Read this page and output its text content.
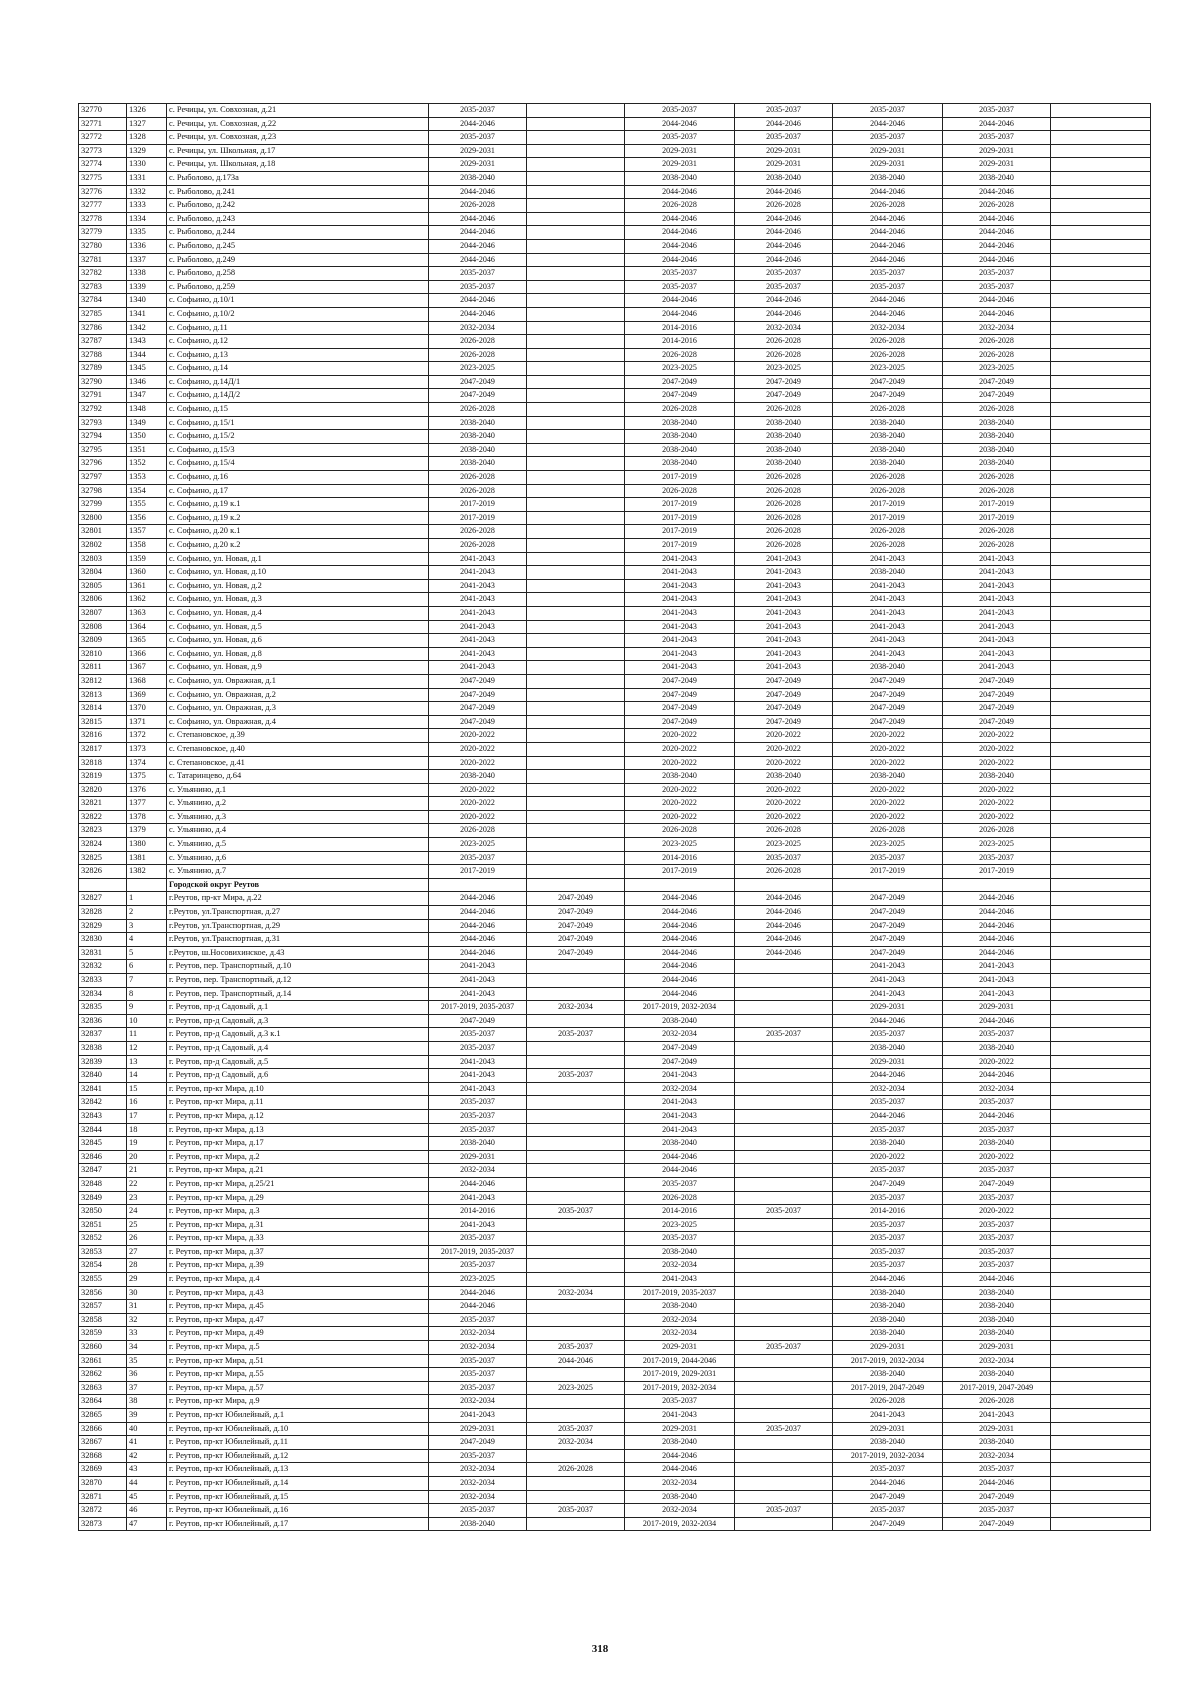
32770	1326	с. Речицы, ул. Совхозная, д.21	2035-2037		2035-2037	2035-2037	2035-2037	2035-2037	
32771	1327	с. Речицы, ул. Совхозная, д.22	2044-2046		2044-2046	2044-2046	2044-2046	2044-2046	
32772	1328	с. Речицы, ул. Совхозная, д.23	2035-2037		2035-2037	2035-2037	2035-2037	2035-2037	
32773	1329	с. Речицы, ул. Школьная, д.17	2029-2031		2029-2031	2029-2031	2029-2031	2029-2031	
32774	1330	с. Речицы, ул. Школьная, д.18	2029-2031		2029-2031	2029-2031	2029-2031	2029-2031	
32775	1331	с. Рыболово, д.173а	2038-2040		2038-2040	2038-2040	2038-2040	2038-2040	
32776	1332	с. Рыболово, д.241	2044-2046		2044-2046	2044-2046	2044-2046	2044-2046	
32777	1333	с. Рыболово, д.242	2026-2028		2026-2028	2026-2028	2026-2028	2026-2028	
32778	1334	с. Рыболово, д.243	2044-2046		2044-2046	2044-2046	2044-2046	2044-2046	
32779	1335	с. Рыболово, д.244	2044-2046		2044-2046	2044-2046	2044-2046	2044-2046	
32780	1336	с. Рыболово, д.245	2044-2046		2044-2046	2044-2046	2044-2046	2044-2046	
32781	1337	с. Рыболово, д.249	2044-2046		2044-2046	2044-2046	2044-2046	2044-2046	
32782	1338	с. Рыболово, д.258	2035-2037		2035-2037	2035-2037	2035-2037	2035-2037	
32783	1339	с. Рыболово, д.259	2035-2037		2035-2037	2035-2037	2035-2037	2035-2037	
32784	1340	с. Софьино, д.10/1	2044-2046		2044-2046	2044-2046	2044-2046	2044-2046	
32785	1341	с. Софьино, д.10/2	2044-2046		2044-2046	2044-2046	2044-2046	2044-2046	
32786	1342	с. Софьино, д.11	2032-2034		2014-2016	2032-2034	2032-2034	2032-2034	
32787	1343	с. Софьино, д.12	2026-2028		2014-2016	2026-2028	2026-2028	2026-2028	
32788	1344	с. Софьино, д.13	2026-2028		2026-2028	2026-2028	2026-2028	2026-2028	
32789	1345	с. Софьино, д.14	2023-2025		2023-2025	2023-2025	2023-2025	2023-2025	
32790	1346	с. Софьино, д.14Д/1	2047-2049		2047-2049	2047-2049	2047-2049	2047-2049	
32791	1347	с. Софьино, д.14Д/2	2047-2049		2047-2049	2047-2049	2047-2049	2047-2049	
32792	1348	с. Софьино, д.15	2026-2028		2026-2028	2026-2028	2026-2028	2026-2028	
32793	1349	с. Софьино, д.15/1	2038-2040		2038-2040	2038-2040	2038-2040	2038-2040	
32794	1350	с. Софьино, д.15/2	2038-2040		2038-2040	2038-2040	2038-2040	2038-2040	
32795	1351	с. Софьино, д.15/3	2038-2040		2038-2040	2038-2040	2038-2040	2038-2040	
32796	1352	с. Софьино, д.15/4	2038-2040		2038-2040	2038-2040	2038-2040	2038-2040	
32797	1353	с. Софьино, д.16	2026-2028		2017-2019	2026-2028	2026-2028	2026-2028	
32798	1354	с. Софьино, д.17	2026-2028		2026-2028	2026-2028	2026-2028	2026-2028	
32799	1355	с. Софьино, д.19 к.1	2017-2019		2017-2019	2026-2028	2017-2019	2017-2019	
32800	1356	с. Софьино, д.19 к.2	2017-2019		2017-2019	2026-2028	2017-2019	2017-2019	
32801	1357	с. Софьино, д.20 к.1	2026-2028		2017-2019	2026-2028	2026-2028	2026-2028	
32802	1358	с. Софьино, д.20 к.2	2026-2028		2017-2019	2026-2028	2026-2028	2026-2028	
32803	1359	с. Софьино, ул. Новая, д.1	2041-2043		2041-2043	2041-2043	2041-2043	2041-2043	
32804	1360	с. Софьино, ул. Новая, д.10	2041-2043		2041-2043	2041-2043	2038-2040	2041-2043	
32805	1361	с. Софьино, ул. Новая, д.2	2041-2043		2041-2043	2041-2043	2041-2043	2041-2043	
32806	1362	с. Софьино, ул. Новая, д.3	2041-2043		2041-2043	2041-2043	2041-2043	2041-2043	
32807	1363	с. Софьино, ул. Новая, д.4	2041-2043		2041-2043	2041-2043	2041-2043	2041-2043	
32808	1364	с. Софьино, ул. Новая, д.5	2041-2043		2041-2043	2041-2043	2041-2043	2041-2043	
32809	1365	с. Софьино, ул. Новая, д.6	2041-2043		2041-2043	2041-2043	2041-2043	2041-2043	
32810	1366	с. Софьино, ул. Новая, д.8	2041-2043		2041-2043	2041-2043	2041-2043	2041-2043	
32811	1367	с. Софьино, ул. Новая, д.9	2041-2043		2041-2043	2041-2043	2038-2040	2041-2043	
32812	1368	с. Софьино, ул. Овражная, д.1	2047-2049		2047-2049	2047-2049	2047-2049	2047-2049	
32813	1369	с. Софьино, ул. Овражная, д.2	2047-2049		2047-2049	2047-2049	2047-2049	2047-2049	
32814	1370	с. Софьино, ул. Овражная, д.3	2047-2049		2047-2049	2047-2049	2047-2049	2047-2049	
32815	1371	с. Софьино, ул. Овражная, д.4	2047-2049		2047-2049	2047-2049	2047-2049	2047-2049	
32816	1372	с. Степановское, д.39	2020-2022		2020-2022	2020-2022	2020-2022	2020-2022	
32817	1373	с. Степановское, д.40	2020-2022		2020-2022	2020-2022	2020-2022	2020-2022	
32818	1374	с. Степановское, д.41	2020-2022		2020-2022	2020-2022	2020-2022	2020-2022	
32819	1375	с. Татаринцево, д.64	2038-2040		2038-2040	2038-2040	2038-2040	2038-2040	
32820	1376	с. Ульянино, д.1	2020-2022		2020-2022	2020-2022	2020-2022	2020-2022	
32821	1377	с. Ульянино, д.2	2020-2022		2020-2022	2020-2022	2020-2022	2020-2022	
32822	1378	с. Ульянино, д.3	2020-2022		2020-2022	2020-2022	2020-2022	2020-2022	
32823	1379	с. Ульянино, д.4	2026-2028		2026-2028	2026-2028	2026-2028	2026-2028	
32824	1380	с. Ульянино, д.5	2023-2025		2023-2025	2023-2025	2023-2025	2023-2025	
32825	1381	с. Ульянино, д.6	2035-2037		2014-2016	2035-2037	2035-2037	2035-2037	
32826	1382	с. Ульянино, д.7	2017-2019		2017-2019	2026-2028	2017-2019	2017-2019	
		Городской округ Реутов							
32827	1	г.Реутов, пр-кт Мира, д.22	2044-2046	2047-2049	2044-2046	2044-2046	2047-2049	2044-2046	
32828	2	г.Реутов, ул.Транспортная, д.27	2044-2046	2047-2049	2044-2046	2044-2046	2047-2049	2044-2046	
32829	3	г.Реутов, ул.Транспортная, д.29	2044-2046	2047-2049	2044-2046	2044-2046	2047-2049	2044-2046	
32830	4	г.Реутов, ул.Транспортная, д.31	2044-2046	2047-2049	2044-2046	2044-2046	2047-2049	2044-2046	
32831	5	г.Реутов, ш.Носовихинское, д.43	2044-2046	2047-2049	2044-2046	2044-2046	2047-2049	2044-2046	
32832	6	г. Реутов, пер. Транспортный, д.10	2041-2043		2044-2046		2041-2043	2041-2043	
32833	7	г. Реутов, пер. Транспортный, д.12	2041-2043		2044-2046		2041-2043	2041-2043	
32834	8	г. Реутов, пер. Транспортный, д.14	2041-2043		2044-2046		2041-2043	2041-2043	
32835	9	г. Реутов, пр-д Садовый, д.1	2017-2019, 2035-2037	2032-2034	2017-2019, 2032-2034		2029-2031	2029-2031	
32836	10	г. Реутов, пр-д Садовый, д.3	2047-2049		2038-2040		2044-2046	2044-2046	
32837	11	г. Реутов, пр-д Садовый, д.3 к.1	2035-2037	2035-2037	2032-2034	2035-2037	2035-2037	2035-2037	
32838	12	г. Реутов, пр-д Садовый, д.4	2035-2037		2047-2049		2038-2040	2038-2040	
32839	13	г. Реутов, пр-д Садовый, д.5	2041-2043		2047-2049		2029-2031	2020-2022	
32840	14	г. Реутов, пр-д Садовый, д.6	2041-2043	2035-2037	2041-2043		2044-2046	2044-2046	
32841	15	г. Реутов, пр-кт Мира, д.10	2041-2043		2032-2034		2032-2034	2032-2034	
32842	16	г. Реутов, пр-кт Мира, д.11	2035-2037		2041-2043		2035-2037	2035-2037	
32843	17	г. Реутов, пр-кт Мира, д.12	2035-2037		2041-2043		2044-2046	2044-2046	
32844	18	г. Реутов, пр-кт Мира, д.13	2035-2037		2041-2043		2035-2037	2035-2037	
32845	19	г. Реутов, пр-кт Мира, д.17	2038-2040		2038-2040		2038-2040	2038-2040	
32846	20	г. Реутов, пр-кт Мира, д.2	2029-2031		2044-2046		2020-2022	2020-2022	
32847	21	г. Реутов, пр-кт Мира, д.21	2032-2034		2044-2046		2035-2037	2035-2037	
32848	22	г. Реутов, пр-кт Мира, д.25/21	2044-2046		2035-2037		2047-2049	2047-2049	
32849	23	г. Реутов, пр-кт Мира, д.29	2041-2043		2026-2028		2035-2037	2035-2037	
32850	24	г. Реутов, пр-кт Мира, д.3	2014-2016	2035-2037	2014-2016	2035-2037	2014-2016	2020-2022	
32851	25	г. Реутов, пр-кт Мира, д.31	2041-2043		2023-2025		2035-2037	2035-2037	
32852	26	г. Реутов, пр-кт Мира, д.33	2035-2037		2035-2037		2035-2037	2035-2037	
32853	27	г. Реутов, пр-кт Мира, д.37	2017-2019, 2035-2037		2038-2040		2035-2037	2035-2037	
32854	28	г. Реутов, пр-кт Мира, д.39	2035-2037		2032-2034		2035-2037	2035-2037	
32855	29	г. Реутов, пр-кт Мира, д.4	2023-2025		2041-2043		2044-2046	2044-2046	
32856	30	г. Реутов, пр-кт Мира, д.43	2044-2046	2032-2034	2017-2019, 2035-2037		2038-2040	2038-2040	
32857	31	г. Реутов, пр-кт Мира, д.45	2044-2046		2038-2040		2038-2040	2038-2040	
32858	32	г. Реутов, пр-кт Мира, д.47	2035-2037		2032-2034		2038-2040	2038-2040	
32859	33	г. Реутов, пр-кт Мира, д.49	2032-2034		2032-2034		2038-2040	2038-2040	
32860	34	г. Реутов, пр-кт Мира, д.5	2032-2034	2035-2037	2029-2031	2035-2037	2029-2031	2029-2031	
32861	35	г. Реутов, пр-кт Мира, д.51	2035-2037	2044-2046	2017-2019, 2044-2046		2017-2019, 2032-2034	2032-2034	
32862	36	г. Реутов, пр-кт Мира, д.55	2035-2037		2017-2019, 2029-2031		2038-2040	2038-2040	
32863	37	г. Реутов, пр-кт Мира, д.57	2035-2037	2023-2025	2017-2019, 2032-2034		2017-2019, 2047-2049	2017-2019, 2047-2049	
32864	38	г. Реутов, пр-кт Мира, д.9	2032-2034		2035-2037		2026-2028	2026-2028	
32865	39	г. Реутов, пр-кт Юбилейный, д.1	2041-2043		2041-2043		2041-2043	2041-2043	
32866	40	г. Реутов, пр-кт Юбилейный, д.10	2029-2031	2035-2037	2029-2031	2035-2037	2029-2031	2029-2031	
32867	41	г. Реутов, пр-кт Юбилейный, д.11	2047-2049	2032-2034	2038-2040		2038-2040	2038-2040	
32868	42	г. Реутов, пр-кт Юбилейный, д.12	2035-2037		2044-2046		2017-2019, 2032-2034	2032-2034	
32869	43	г. Реутов, пр-кт Юбилейный, д.13	2032-2034	2026-2028	2044-2046		2035-2037	2035-2037	
32870	44	г. Реутов, пр-кт Юбилейный, д.14	2032-2034		2032-2034		2044-2046	2044-2046	
32871	45	г. Реутов, пр-кт Юбилейный, д.15	2032-2034		2038-2040		2047-2049	2047-2049	
32872	46	г. Реутов, пр-кт Юбилейный, д.16	2035-2037	2035-2037	2032-2034	2035-2037	2035-2037	2035-2037	
32873	47	г. Реутов, пр-кт Юбилейный, д.17	2038-2040		2017-2019, 2032-2034		2047-2049	2047-2049	
318
